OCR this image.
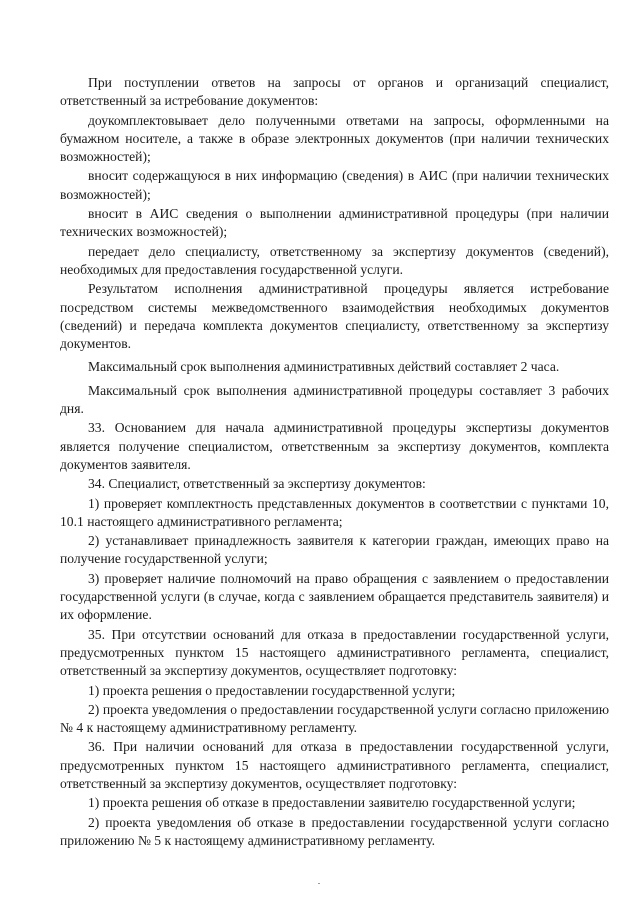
При поступлении ответов на запросы от органов и организаций специалист, ответственный за истребование документов:

доукомплектовывает дело полученными ответами на запросы, оформленными на бумажном носителе, а также в образе электронных документов (при наличии технических возможностей);

вносит содержащуюся в них информацию (сведения) в АИС (при наличии технических возможностей);

вносит в АИС сведения о выполнении административной процедуры (при наличии технических возможностей);

передает дело специалисту, ответственному за экспертизу документов (сведений), необходимых для предоставления государственной услуги.

Результатом исполнения административной процедуры является истребование посредством системы межведомственного взаимодействия необходимых документов (сведений) и передача комплекта документов специалисту, ответственному за экспертизу документов.

Максимальный срок выполнения административных действий составляет 2 часа.

Максимальный срок выполнения административной процедуры составляет 3 рабочих дня.

33. Основанием для начала административной процедуры экспертизы документов является получение специалистом, ответственным за экспертизу документов, комплекта документов заявителя.

34. Специалист, ответственный за экспертизу документов:

1) проверяет комплектность представленных документов в соответствии с пунктами 10, 10.1 настоящего административного регламента;

2) устанавливает принадлежность заявителя к категории граждан, имеющих право на получение государственной услуги;

3) проверяет наличие полномочий на право обращения с заявлением о предоставлении государственной услуги (в случае, когда с заявлением обращается представитель заявителя) и их оформление.

35. При отсутствии оснований для отказа в предоставлении государственной услуги, предусмотренных пунктом 15 настоящего административного регламента, специалист, ответственный за экспертизу документов, осуществляет подготовку:

1) проекта решения о предоставлении государственной услуги;

2) проекта уведомления о предоставлении государственной услуги согласно приложению № 4 к настоящему административному регламенту.

36. При наличии оснований для отказа в предоставлении государственной услуги, предусмотренных пунктом 15 настоящего административного регламента, специалист, ответственный за экспертизу документов, осуществляет подготовку:

1) проекта решения об отказе в предоставлении заявителю государственной услуги;

2) проекта уведомления об отказе в предоставлении государственной услуги согласно приложению № 5 к настоящему административному регламенту.
